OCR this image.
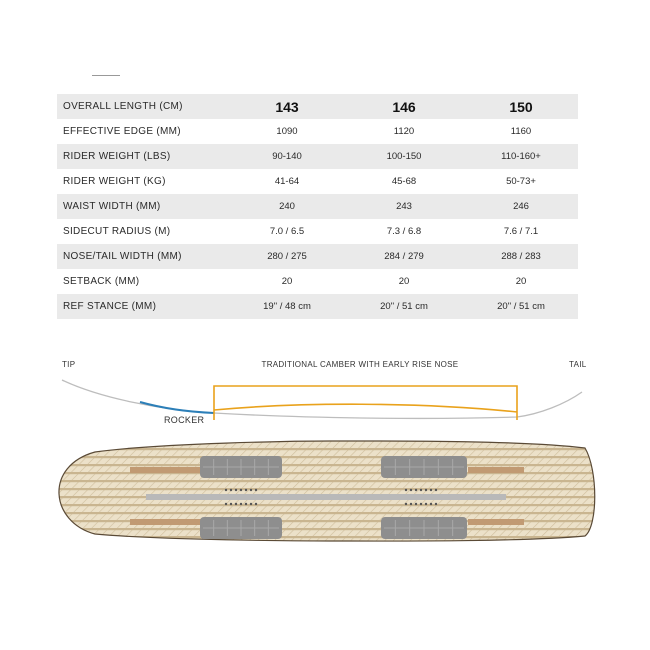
OVERALL LENGTH (CM)	143	146	150
EFFECTIVE EDGE (MM)	1090	1120	1160
RIDER WEIGHT (LBS)	90-140	100-150	110-160+
RIDER WEIGHT (KG)	41-64	45-68	50-73+
WAIST WIDTH (MM)	240	243	246
SIDECUT RADIUS (M)	7.0 / 6.5	7.3 / 6.8	7.6 / 7.1
NOSE/TAIL WIDTH (MM)	280 / 275	284 / 279	288 / 283
SETBACK (MM)	20	20	20
REF STANCE (MM)	19" / 48 cm	20" / 51 cm	20" / 51 cm
TIP	TRADITIONAL CAMBER WITH EARLY RISE NOSE	TAIL
ROCKER
